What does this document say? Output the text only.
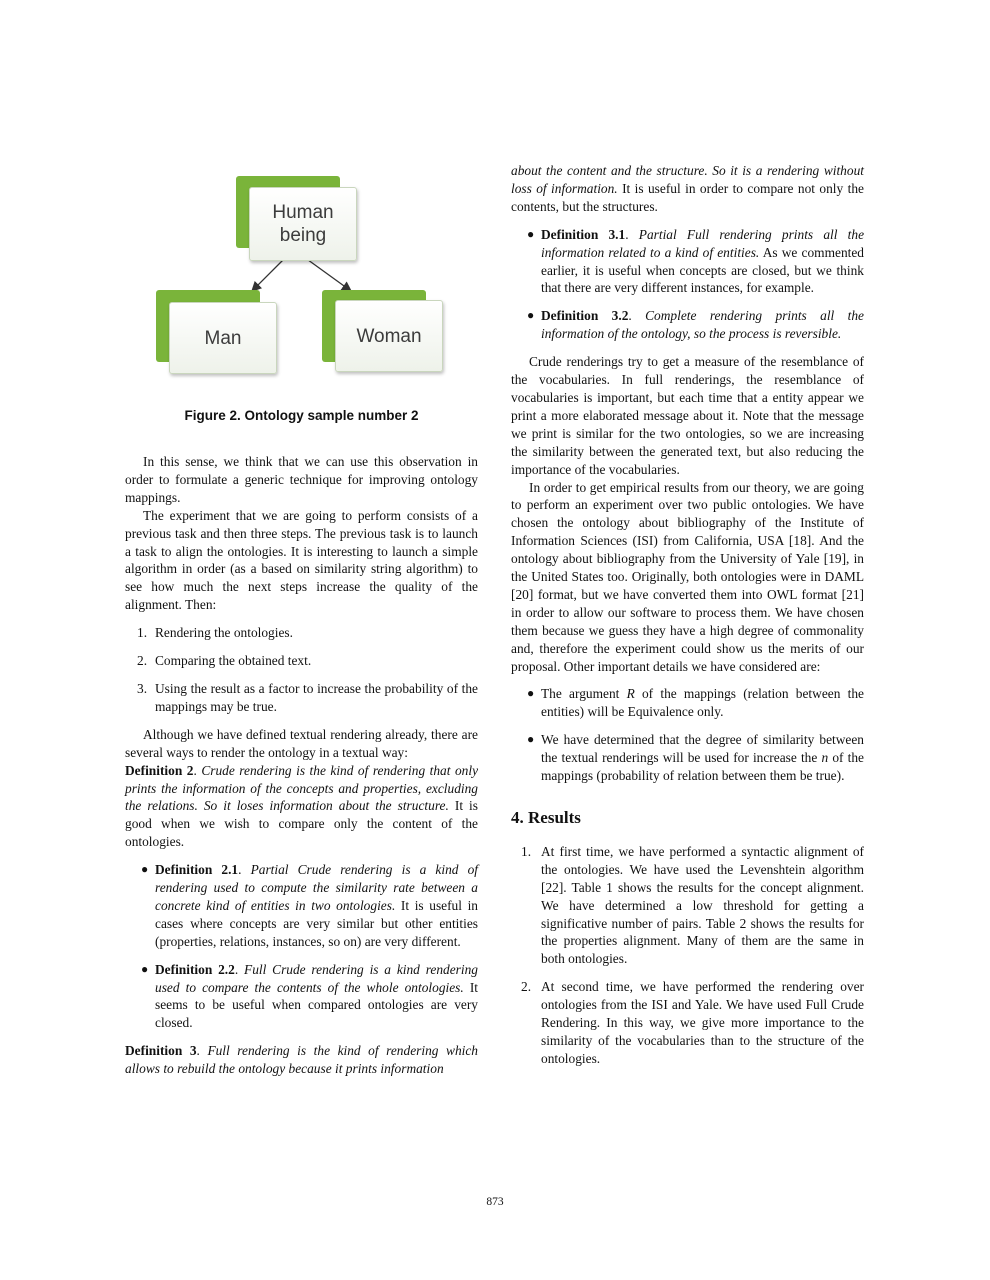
Human being
Man	Woman
Figure 2. Ontology sample number 2

In this sense, we think that we can use this observation in order to formulate a generic technique for improving ontology mappings.

The experiment that we are going to perform consists of a previous task and then three steps. The previous task is to launch a task to align the ontologies. It is interesting to launch a simple algorithm in order (as a based on similarity string algorithm) to see how much the next steps increase the quality of the alignment. Then:

1. Rendering the ontologies.
2. Comparing the obtained text.
3. Using the result as a factor to increase the probability of the mappings may be true.

Although we have defined textual rendering already, there are several ways to render the ontology in a textual way:

Definition 2. Crude rendering is the kind of rendering that only prints the information of the concepts and properties, excluding the relations. So it loses information about the structure. It is good when we wish to compare only the content of the ontologies.

● Definition 2.1. Partial Crude rendering is a kind of rendering used to compute the similarity rate between a concrete kind of entities in two ontologies. It is useful in cases where concepts are very similar but other entities (properties, relations, instances, so on) are very different.
● Definition 2.2. Full Crude rendering is a kind rendering used to compare the contents of the whole ontologies. It seems to be useful when compared ontologies are very closed.

Definition 3. Full rendering is the kind of rendering which allows to rebuild the ontology because it prints information

about the content and the structure. So it is a rendering without loss of information. It is useful in order to compare not only the contents, but the structures.

● Definition 3.1. Partial Full rendering prints all the information related to a kind of entities. As we commented earlier, it is useful when concepts are closed, but we think that there are very different instances, for example.
● Definition 3.2. Complete rendering prints all the information of the ontology, so the process is reversible.

Crude renderings try to get a measure of the resemblance of the vocabularies. In full renderings, the resemblance of vocabularies is important, but each time that a entity appear we print a more elaborated message about it. Note that the message we print is similar for the two ontologies, so we are increasing the similarity between the generated text, but also reducing the importance of the vocabularies.

In order to get empirical results from our theory, we are going to perform an experiment over two public ontologies. We have chosen the ontology about bibliography of the Institute of Information Sciences (ISI) from California, USA [18]. And the ontology about bibliography from the University of Yale [19], in the United States too. Originally, both ontologies were in DAML [20] format, but we have converted them into OWL format [21] in order to allow our software to process them. We have chosen them because we guess they have a high degree of commonality and, therefore the experiment could show us the merits of our proposal. Other important details we have considered are:

● The argument R of the mappings (relation between the entities) will be Equivalence only.
● We have determined that the degree of similarity between the textual renderings will be used for increase the n of the mappings (probability of relation between them be true).
4. Results
1. At first time, we have performed a syntactic alignment of the ontologies. We have used the Levenshtein algorithm [22]. Table 1 shows the results for the concept alignment. We have determined a low threshold for getting a significative number of pairs. Table 2 shows the results for the properties alignment. Many of them are the same in both ontologies.
2. At second time, we have performed the rendering over ontologies from the ISI and Yale. We have used Full Crude Rendering. In this way, we give more importance to the similarity of the vocabularies than to the structure of the ontologies.
873
